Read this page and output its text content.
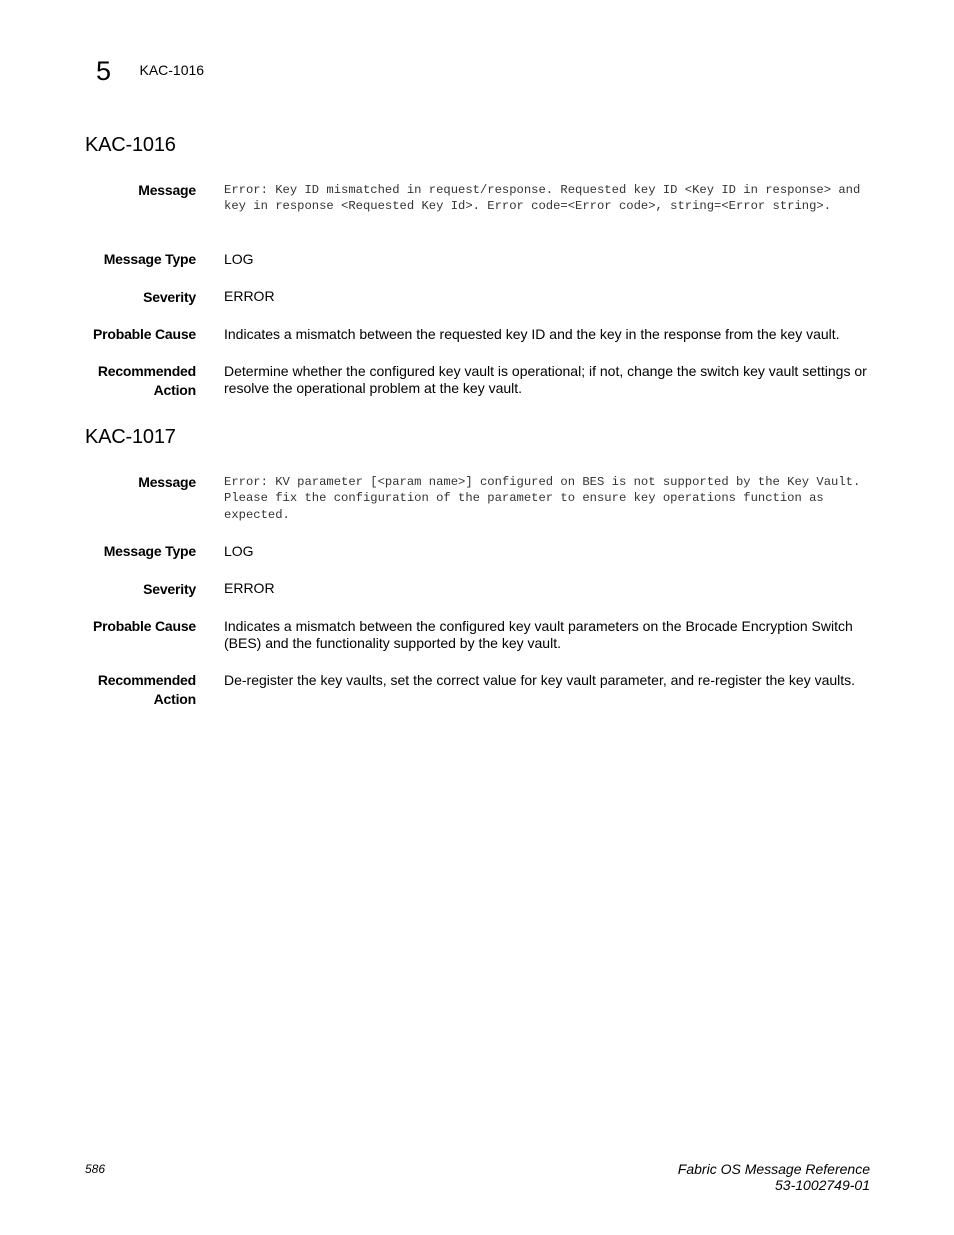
5 KAC-1016
KAC-1016
Message Error: Key ID mismatched in request/response. Requested key ID <Key ID in response> and key in response <Requested Key Id>. Error code=<Error code>, string=<Error string>.
Message Type LOG
Severity ERROR
Probable Cause Indicates a mismatch between the requested key ID and the key in the response from the key vault.
Recommended
Action
Determine whether the configured key vault is operational; if not, change the switch key vault settings or resolve the operational problem at the key vault.
KAC-1017
Message Error: KV parameter [<param name>] configured on BES is not supported by the Key Vault. Please fix the configuration of the parameter to ensure key operations function as expected.
Message Type LOG
Severity ERROR
Probable Cause Indicates a mismatch between the configured key vault parameters on the Brocade Encryption Switch (BES) and the functionality supported by the key vault.
Recommended
Action
De-register the key vaults, set the correct value for key vault parameter, and re-register the key vaults.
586	Fabric OS Message Reference
53-1002749-01
